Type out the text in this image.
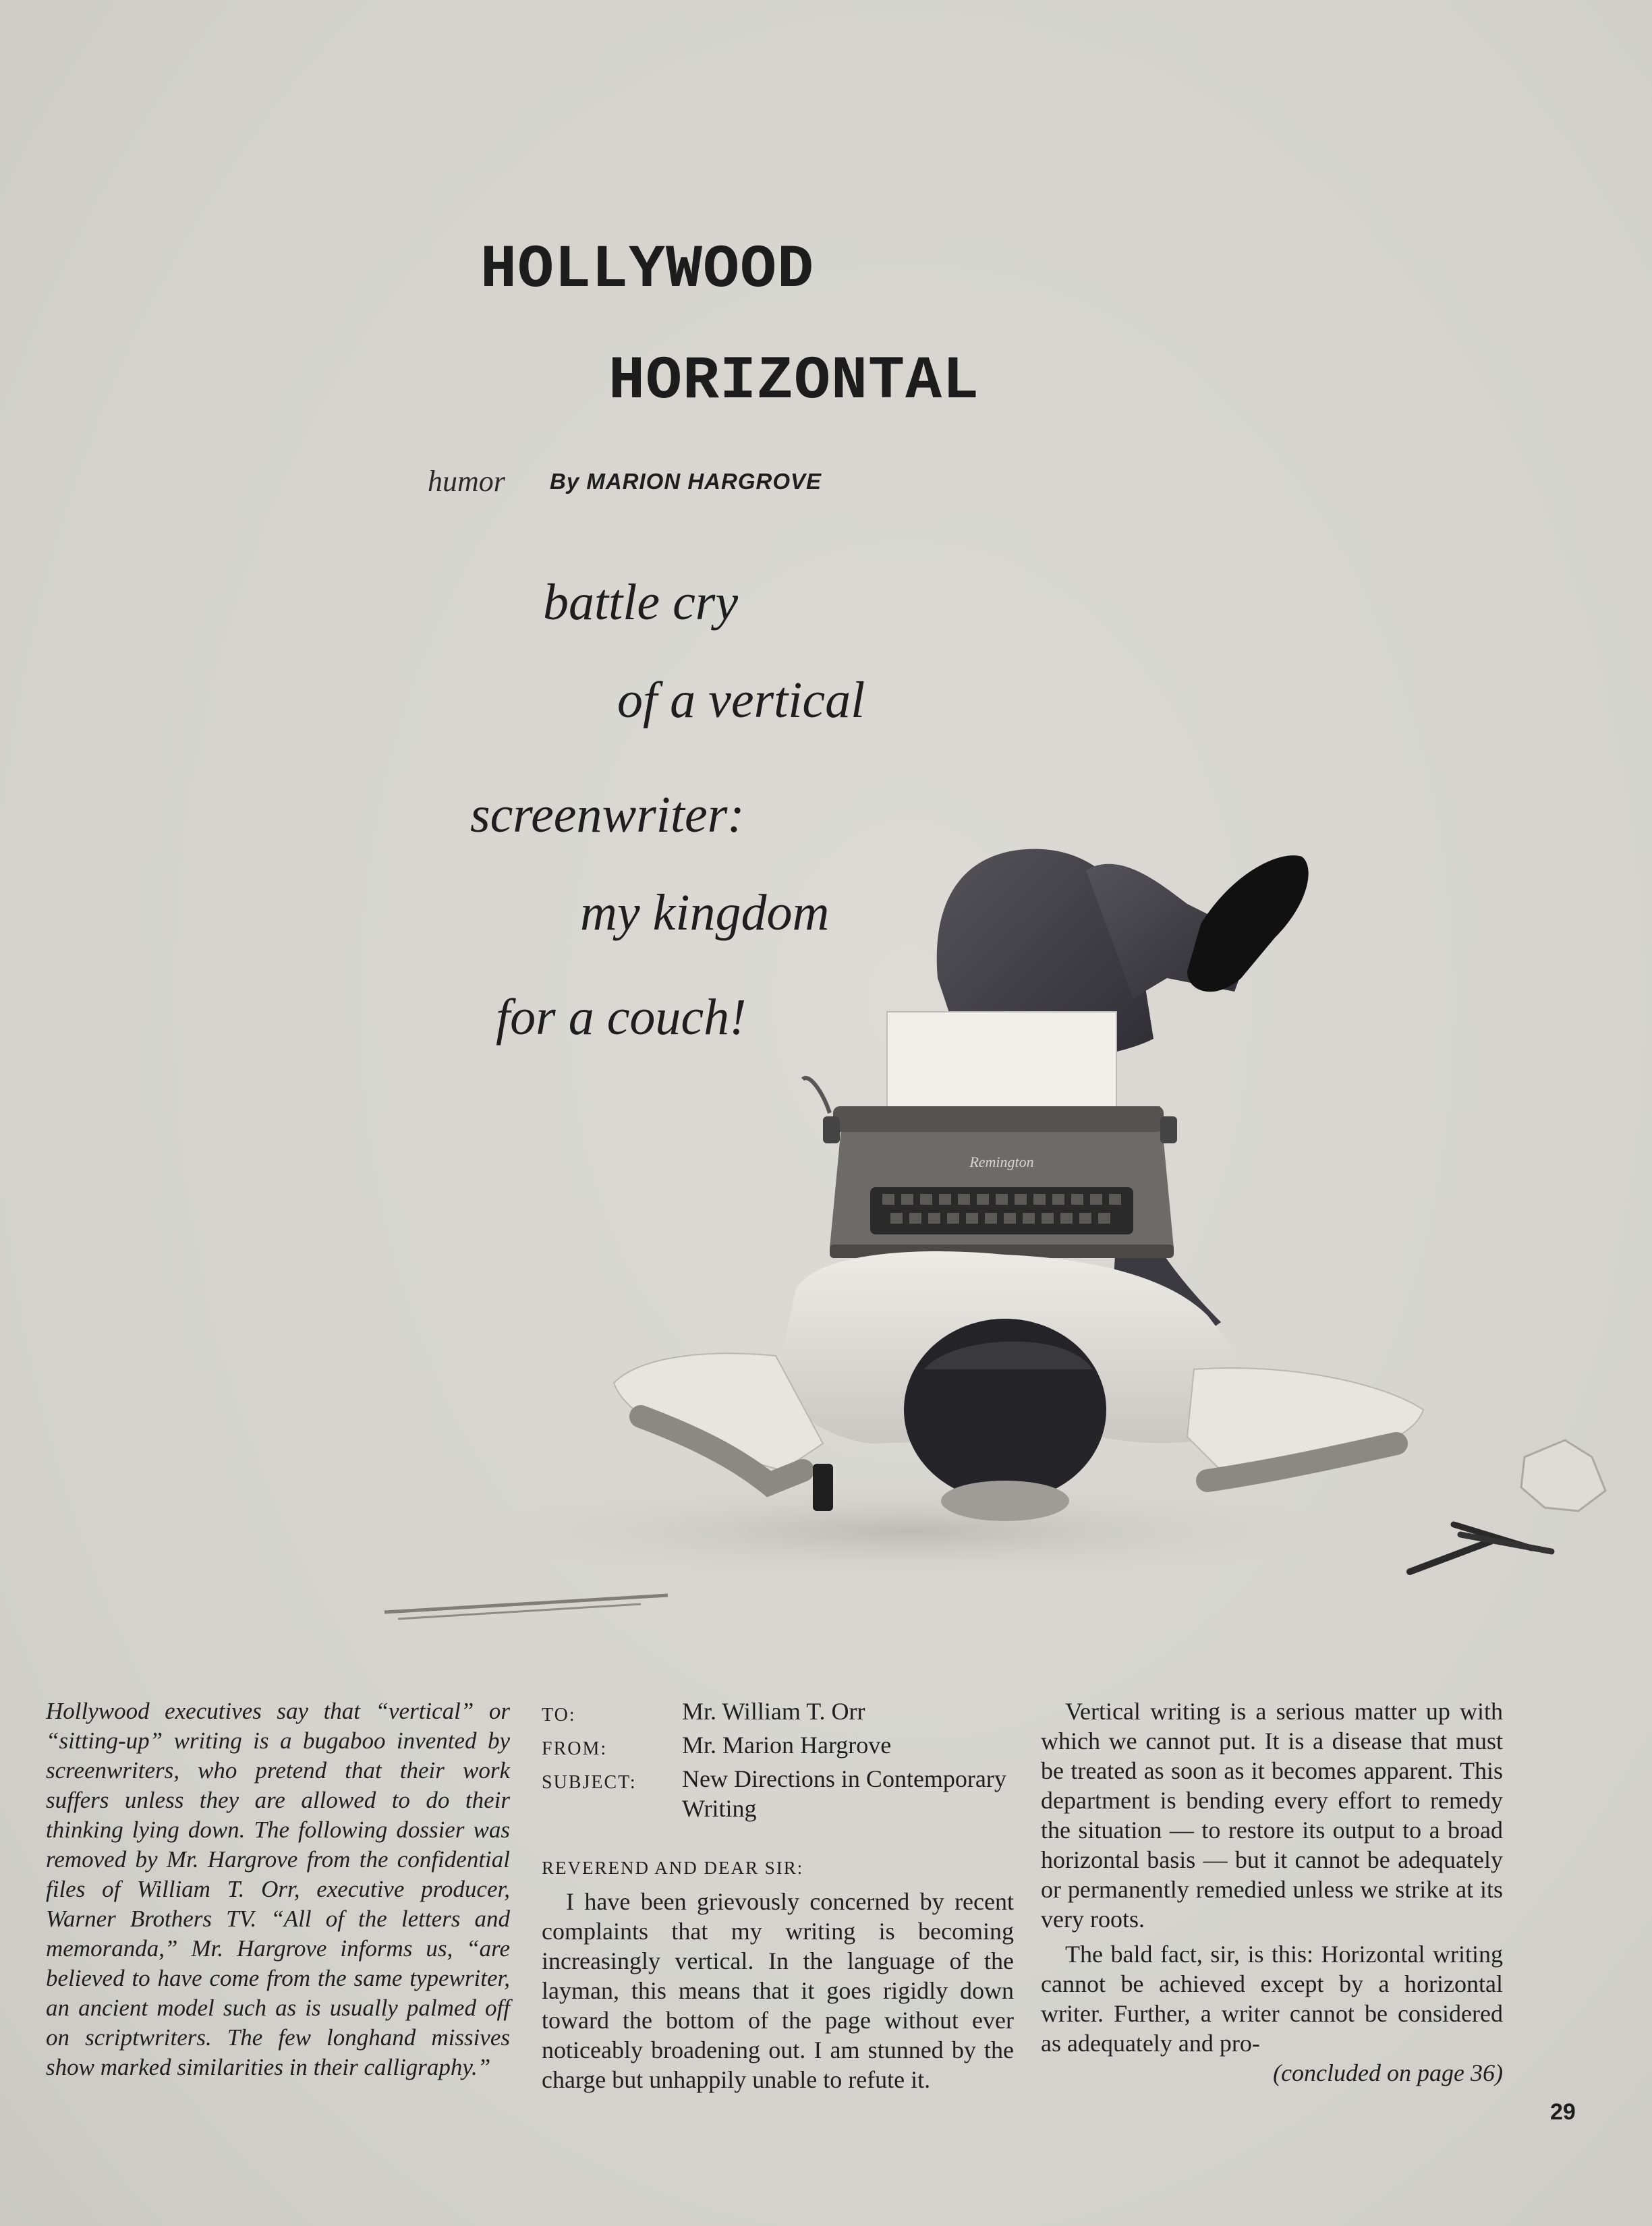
HOLLYWOOD
HORIZONTAL
humor By MARION HARGROVE
battle cry
of a vertical
screenwriter:
my kingdom
for a couch!
Remington
Hollywood executives say that “vertical” or “sitting-up” writing is a bugaboo invented by screenwriters, who pretend that their work suffers unless they are allowed to do their thinking lying down. The following dossier was removed by Mr. Hargrove from the confidential files of William T. Orr, executive producer, Warner Brothers TV. “All of the letters and memoranda,” Mr. Hargrove informs us, “are believed to have come from the same typewriter, an ancient model such as is usually palmed off on scriptwriters. The few longhand missives show marked similarities in their calligraphy.”
TO:	Mr. William T. Orr
FROM:	Mr. Marion Hargrove
SUBJECT:	New Directions in Contemporary Writing
REVEREND AND DEAR SIR:

I have been grievously concerned by recent complaints that my writing is becoming increasingly vertical. In the language of the layman, this means that it goes rigidly down toward the bottom of the page without ever noticeably broadening out. I am stunned by the charge but unhappily unable to refute it.

Vertical writing is a serious matter up with which we cannot put. It is a disease that must be treated as soon as it becomes apparent. This department is bending every effort to remedy the situation — to restore its output to a broad horizontal basis — but it cannot be adequately or permanently remedied unless we strike at its very roots.

The bald fact, sir, is this: Horizontal writing cannot be achieved except by a horizontal writer. Further, a writer cannot be considered as adequately and pro-

(concluded on page 36)
29
